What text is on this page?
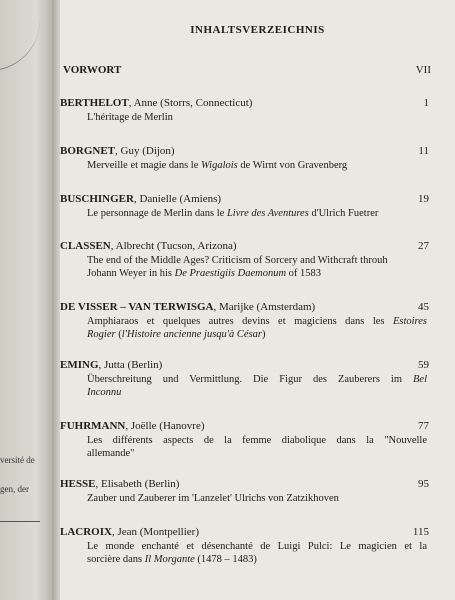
versité de
gen, der
INHALTSVERZEICHNIS
VORWORT	VII
BERTHELOT, Anne (Storrs, Connecticut)	1
L'héritage de Merlin
BORGNET, Guy (Dijon)	11
Merveille et magie dans le Wigalois de Wirnt von Gravenberg
BUSCHINGER, Danielle (Amiens)	19
Le personnage de Merlin dans le Livre des Aventures d'Ulrich Fuetrer
CLASSEN, Albrecht (Tucson, Arizona)	27
The end of the Middle Ages? Criticism of Sorcery and Withcraft throuh
Johann Weyer in his De Praestigiis Daemonum of 1583
DE VISSER – VAN TERWISGA, Marijke (Amsterdam)	45
Amphiaraos et quelques autres devins et magiciens dans les Estoires
Rogier (l'Histoire ancienne jusqu'à César)
EMING, Jutta (Berlin)	59
Überschreitung und Vermittlung. Die Figur des Zauberers im Bel
Inconnu
FUHRMANN, Joëlle (Hanovre)	77
Les différents aspects de la femme diabolique dans la "Nouvelle
allemande"
HESSE, Elisabeth (Berlin)	95
Zauber und Zauberer im 'Lanzelet' Ulrichs von Zatzikhoven
LACROIX, Jean (Montpellier)	115
Le monde enchanté et désenchanté de Luigi Pulci: Le magicien et la
sorcière dans Il Morgante (1478 – 1483)
